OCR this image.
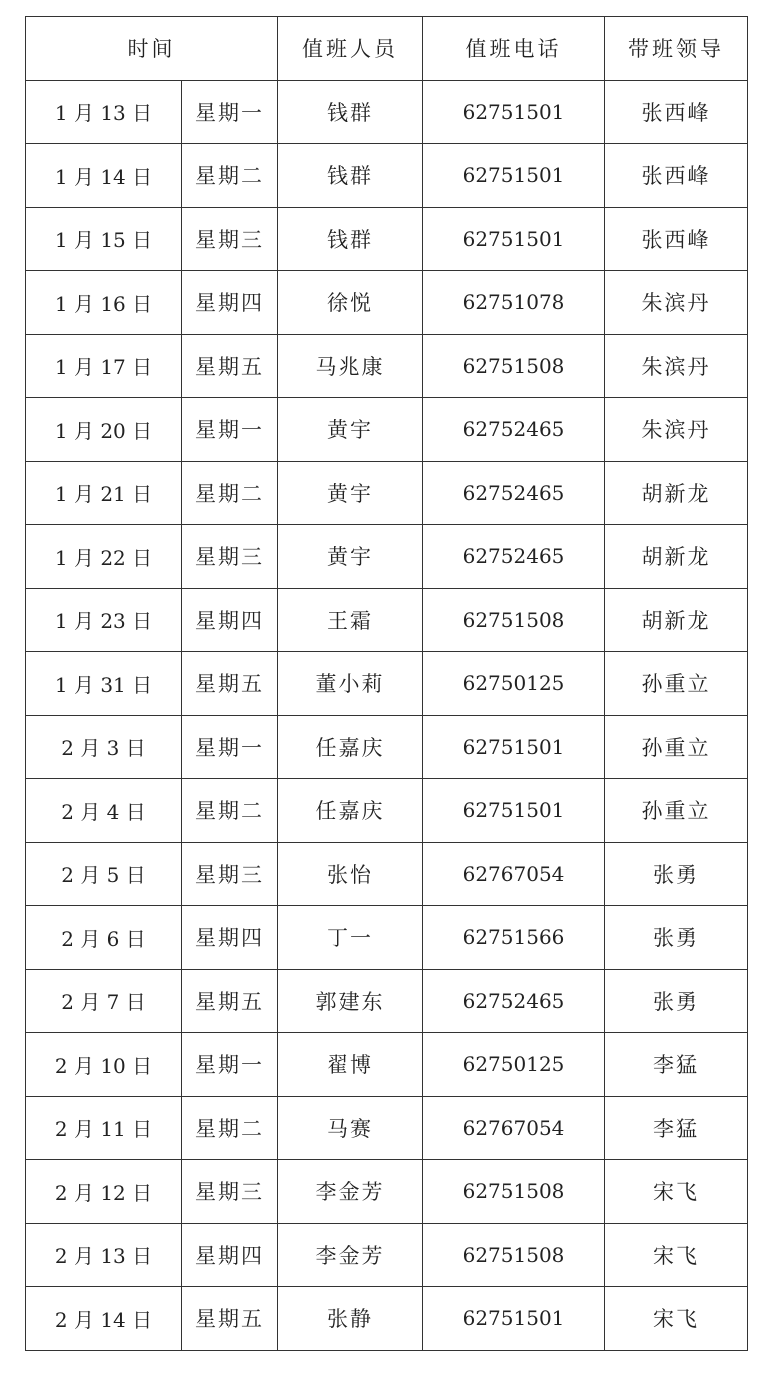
时间		值班人员	值班电话	带班领导
1 月 13 日	星期一	钱群	62751501	张西峰
1 月 14 日	星期二	钱群	62751501	张西峰
1 月 15 日	星期三	钱群	62751501	张西峰
1 月 16 日	星期四	徐悦	62751078	朱滨丹
1 月 17 日	星期五	马兆康	62751508	朱滨丹
1 月 20 日	星期一	黄宇	62752465	朱滨丹
1 月 21 日	星期二	黄宇	62752465	胡新龙
1 月 22 日	星期三	黄宇	62752465	胡新龙
1 月 23 日	星期四	王霜	62751508	胡新龙
1 月 31 日	星期五	董小莉	62750125	孙重立
2 月 3 日	星期一	任嘉庆	62751501	孙重立
2 月 4 日	星期二	任嘉庆	62751501	孙重立
2 月 5 日	星期三	张怡	62767054	张勇
2 月 6 日	星期四	丁一	62751566	张勇
2 月 7 日	星期五	郭建东	62752465	张勇
2 月 10 日	星期一	翟博	62750125	李猛
2 月 11 日	星期二	马赛	62767054	李猛
2 月 12 日	星期三	李金芳	62751508	宋飞
2 月 13 日	星期四	李金芳	62751508	宋飞
2 月 14 日	星期五	张静	62751501	宋飞
